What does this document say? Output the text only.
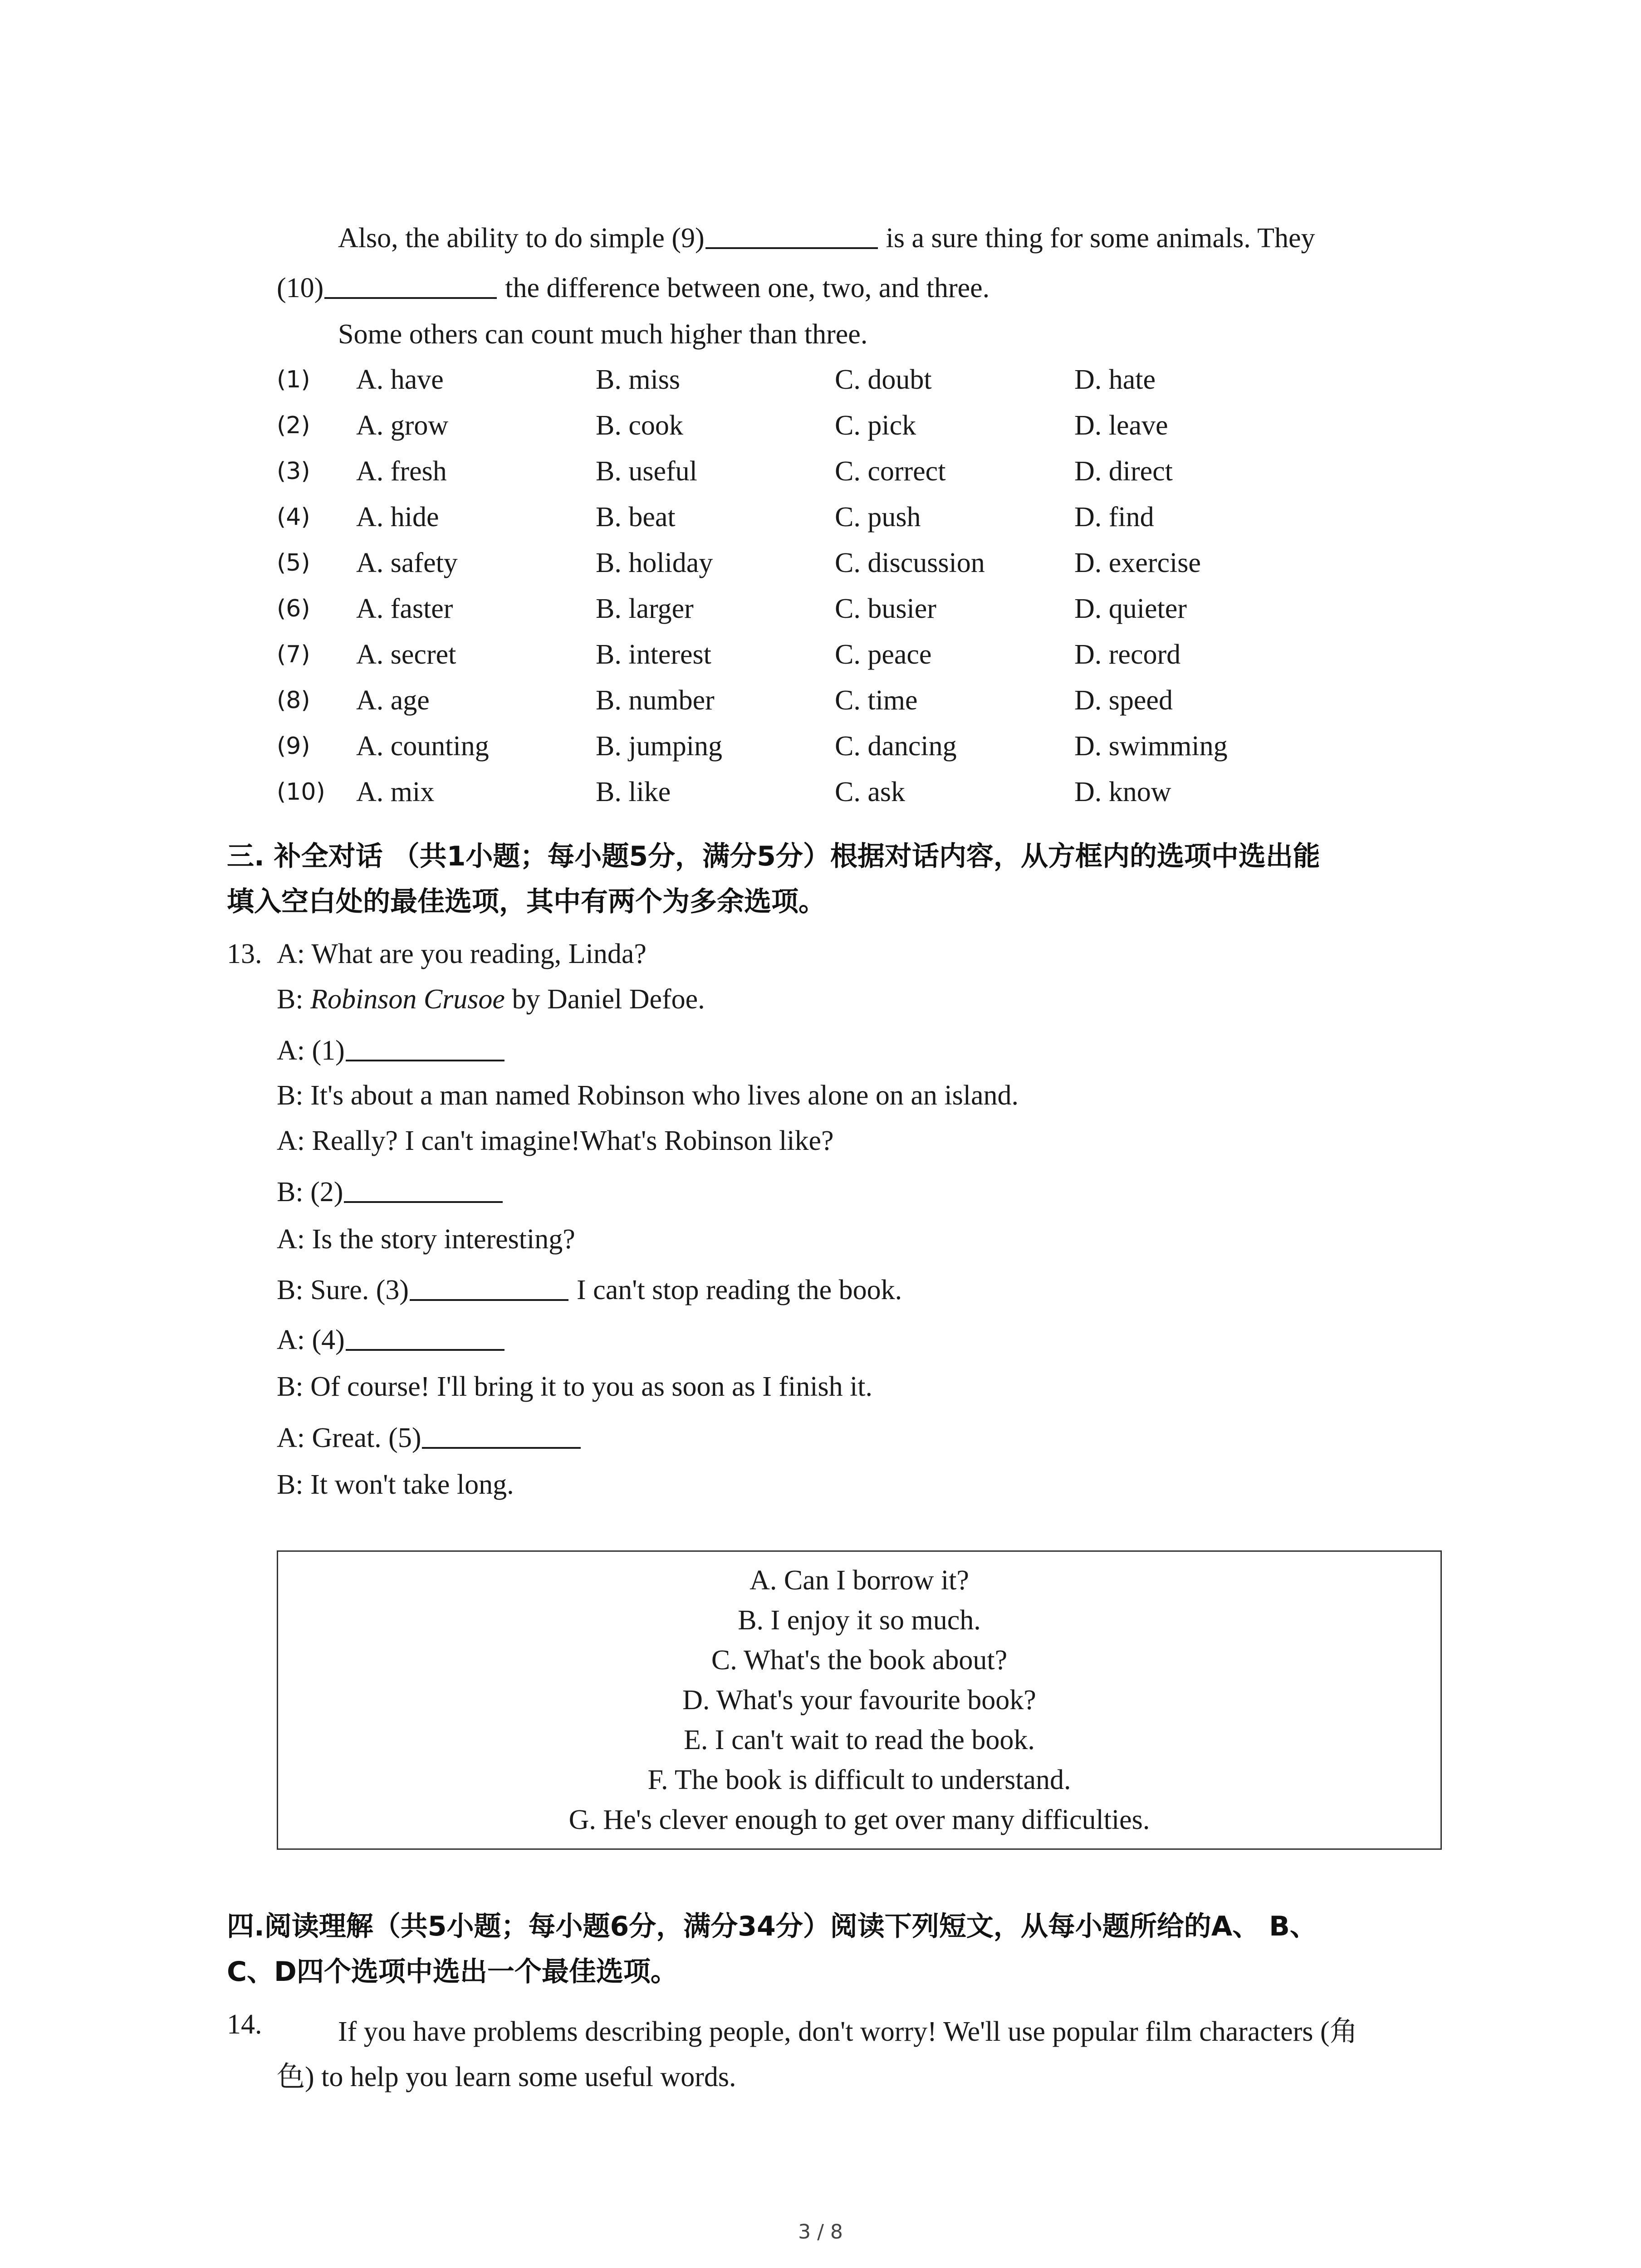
Also, the ability to do simple (9)	is a sure thing for some animals. They
(10)	the difference between one, two, and three.
Some others can count much higher than three.
(1)	A. have	B. miss	C. doubt	D. hate
(2)	A. grow	B. cook	C. pick	D. leave
(3)	A. fresh	B. useful	C. correct	D. direct
(4)	A. hide	B. beat	C. push	D. find
(5)	A. safety	B. holiday	C. discussion	D. exercise
(6)	A. faster	B. larger	C. busier	D. quieter
(7)	A. secret	B. interest	C. peace	D. record
(8)	A. age	B. number	C. time	D. speed
(9)	A. counting	B. jumping	C. dancing	D. swimming
(10)	A. mix	B. like	C. ask	D. know
三. 补全对话 （共1小题；每小题5分，满分5分）根据对话内容，从方框内的选项中选出能
填入空白处的最佳选项，其中有两个为多余选项。
13. A: What are you reading, Linda?
B: Robinson Crusoe by Daniel Defoe.
A: (1)
B: It's about a man named Robinson who lives alone on an island.
A: Really? I can't imagine!What's Robinson like?
B: (2)
A: Is the story interesting?
B: Sure. (3)	I can't stop reading the book.
A: (4)
B: Of course! I'll bring it to you as soon as I finish it.
A: Great. (5)
B: It won't take long.
A. Can I borrow it?
B. I enjoy it so much.
C. What's the book about?
D. What's your favourite book?
E. I can't wait to read the book.
F. The book is difficult to understand.
G. He's clever enough to get over many difficulties.
四.阅读理解（共5小题；每小题6分，满分34分）阅读下列短文，从每小题所给的A、 B、
C、D四个选项中选出一个最佳选项。
14.	If you have problems describing people, don't worry! We'll use popular film characters (角
色) to help you learn some useful words.
3 / 8
